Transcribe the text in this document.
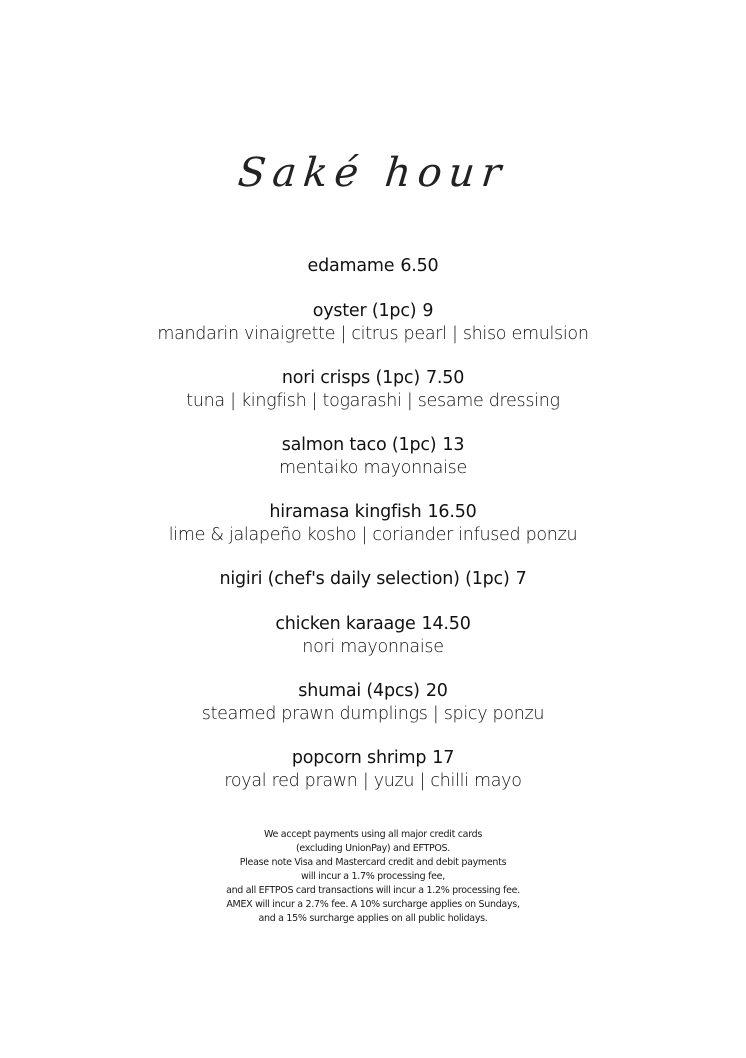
Saké hour
edamame 6.50
oyster (1pc) 9
mandarin vinaigrette | citrus pearl | shiso emulsion
nori crisps (1pc) 7.50
tuna | kingfish | togarashi | sesame dressing
salmon taco (1pc) 13
mentaiko mayonnaise
hiramasa kingfish 16.50
lime & jalapeño kosho | coriander infused ponzu
nigiri (chef's daily selection) (1pc) 7
chicken karaage 14.50
nori mayonnaise
shumai (4pcs) 20
steamed prawn dumplings | spicy ponzu
popcorn shrimp 17
royal red prawn | yuzu | chilli mayo
We accept payments using all major credit cards
(excluding UnionPay) and EFTPOS.
Please note Visa and Mastercard credit and debit payments
will incur a 1.7% processing fee,
and all EFTPOS card transactions will incur a 1.2% processing fee.
AMEX will incur a 2.7% fee. A 10% surcharge applies on Sundays,
and a 15% surcharge applies on all public holidays.
